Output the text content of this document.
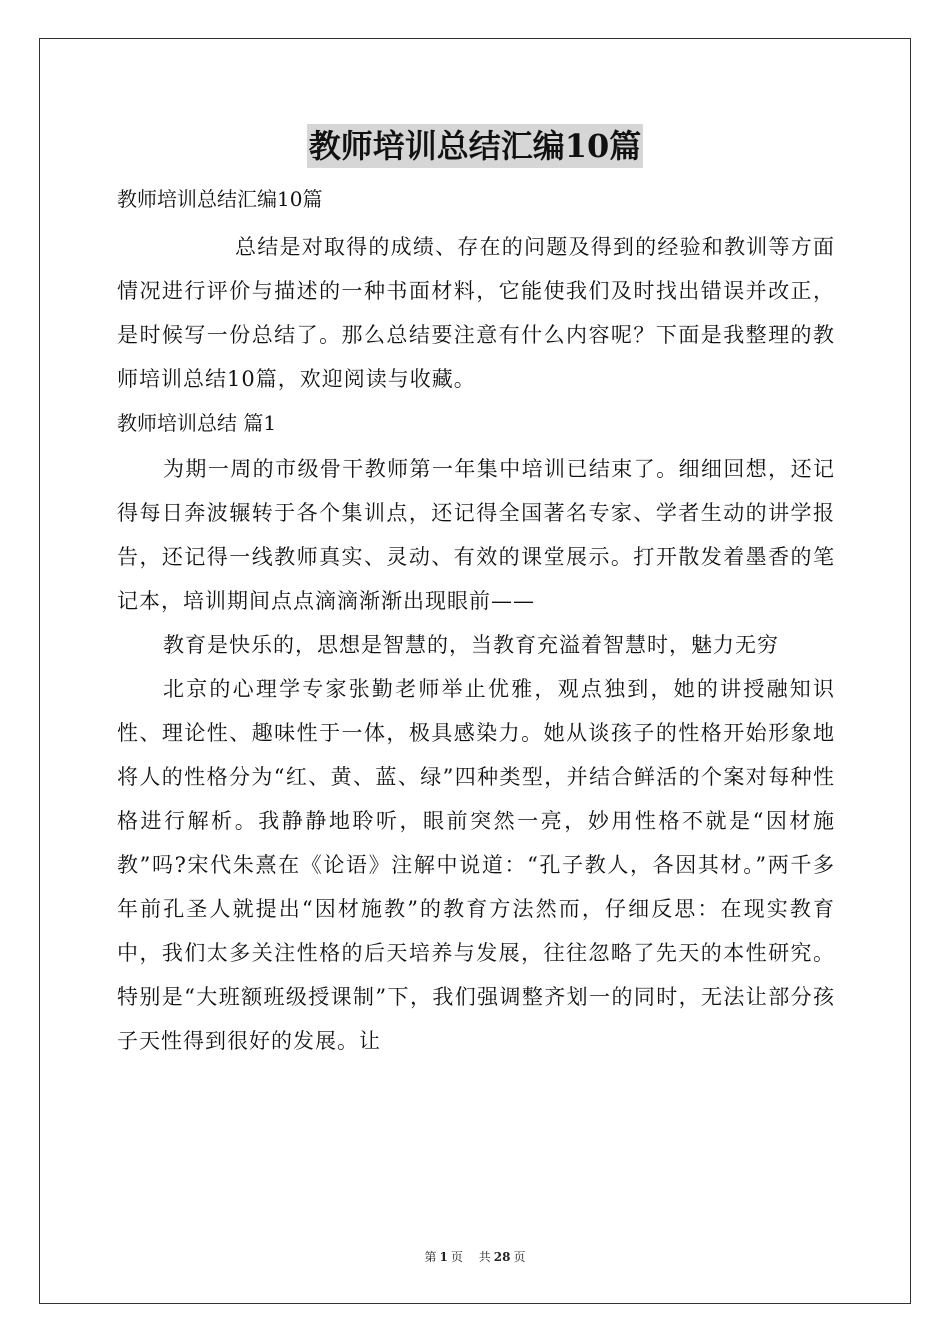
教师培训总结汇编10篇
教师培训总结汇编10篇

总结是对取得的成绩、存在的问题及得到的经验和教训等方面情况进行评价与描述的一种书面材料，它能使我们及时找出错误并改正，是时候写一份总结了。那么总结要注意有什么内容呢？下面是我整理的教师培训总结10篇，欢迎阅读与收藏。

教师培训总结 篇1

为期一周的市级骨干教师第一年集中培训已结束了。细细回想，还记得每日奔波辗转于各个集训点，还记得全国著名专家、学者生动的讲学报告，还记得一线教师真实、灵动、有效的课堂展示。打开散发着墨香的笔记本，培训期间点点滴滴渐渐出现眼前——

教育是快乐的，思想是智慧的，当教育充溢着智慧时，魅力无穷

北京的心理学专家张勤老师举止优雅，观点独到，她的讲授融知识性、理论性、趣味性于一体，极具感染力。她从谈孩子的性格开始形象地将人的性格分为“红、黄、蓝、绿”四种类型，并结合鲜活的个案对每种性格进行解析。我静静地聆听，眼前突然一亮，妙用性格不就是“因材施教”吗?宋代朱熹在《论语》注解中说道：“孔子教人，各因其材。”两千多年前孔圣人就提出“因材施教”的教育方法然而，仔细反思：在现实教育中，我们太多关注性格的后天培养与发展，往往忽略了先天的本性研究。特别是“大班额班级授课制”下，我们强调整齐划一的同时，无法让部分孩子天性得到很好的发展。让

第 1 页 共 28 页
